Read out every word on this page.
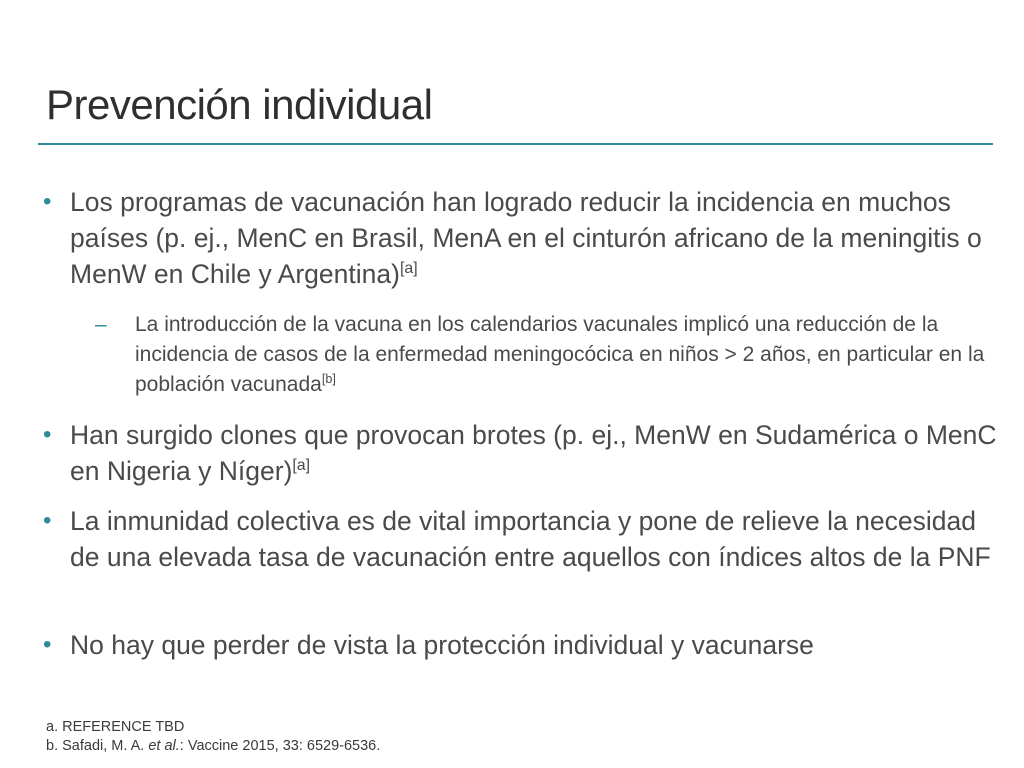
Prevención individual
• Los programas de vacunación han logrado reducir la incidencia en muchos países (p. ej., MenC en Brasil, MenA en el cinturón africano de la meningitis o MenW en Chile y Argentina)[a]
– La introducción de la vacuna en los calendarios vacunales implicó una reducción de la incidencia de casos de la enfermedad meningocócica en niños > 2 años, en particular en la población vacunada[b]
• Han surgido clones que provocan brotes (p. ej., MenW en Sudamérica o MenC en Nigeria y Níger)[a]
• La inmunidad colectiva es de vital importancia y pone de relieve la necesidad de una elevada tasa de vacunación entre aquellos con índices altos de la PNF
• No hay que perder de vista la protección individual y vacunarse
a. REFERENCE TBD
b. Safadi, M. A. et al.: Vaccine 2015, 33: 6529-6536.
